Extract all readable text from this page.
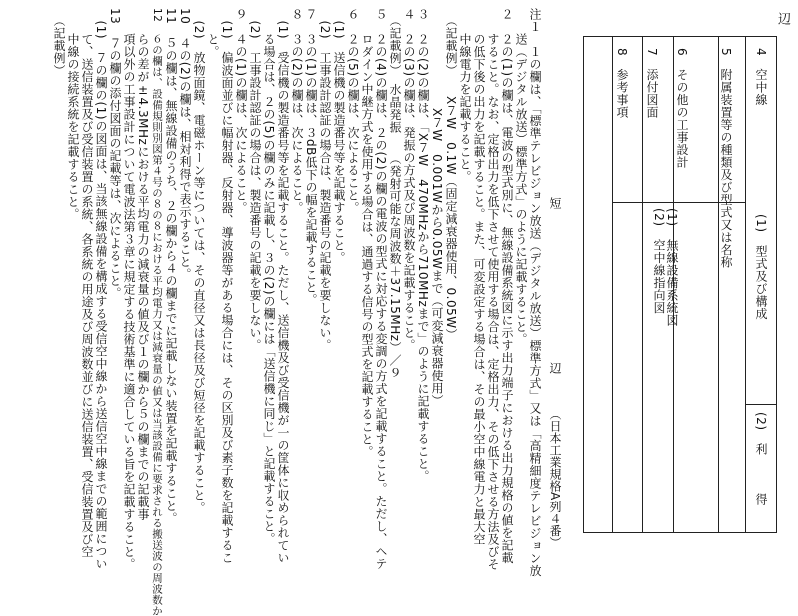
辺
4　空中線
5　附属装置等の種類及び型式又は名称
6　その他の工事設計
7　添付図面
8　参考事項
(1)　型式及び構成
(2)　利　　　得
(1)　無線設備系統図
(2)　空中線指向図
短
辺
（日本工業規格A列４番）
注１　１の欄は、「標準テレビジョン放送（デジタル放送）標準方式」又は「高精細度テレビジョン放
　　送（デジタル放送）標準方式」のように記載すること。
２　２の(1)の欄は、電波の型式別に、無線設備系統図に示す出力端子における出力規格の値を記載
　　すること。なお、定格出力を低下させて使用する場合は、定格出力、その低下させる方法及びそ
　　の低下後の出力を記載すること。また、可変設定する場合は、その最小空中線電力と最大空
　　中線電力を記載すること。
　（記載例）　　X７W　0.1W（固定減衰器使用、0.05W）
　　　　　　　　X７W　0.001Wから0.05Wまで（可変減衰器使用）
３　２の(2)の欄は、「X７W　470MHzから710MHzまで」のように記載すること。
４　２の(3)の欄は、発振の方式及び周波数を記載すること。
　（記載例）　水晶発振　　（発射可能な周波数＋37.15MHz）／９
５　２の(4)の欄は、２の(2)の欄の電波の型式に対応する変調の方式を記載すること。ただし、ヘテ
　　ロダイン中継方式を使用する場合は、通過する信号の型式を記載すること。
６　２の(5)の欄は、次によること。
　(1)　送信機の製造番号等を記載すること。
　(2)　工事設計認証の場合は、製造番号の記載を要しない。
７　３の(1)の欄は、３dB低下の幅を記載すること。
８　３の(2)の欄は、次によること。
　(1)　受信機の製造番号等を記載すること。ただし、送信機及び受信機が一の筐体に収められてい
　　る場合は、２の(5)の欄のみに記載し、３の(2)の欄には「送信機に同じ」と記載すること。
　(2)　工事設計認証の場合は、製造番号の記載を要しない。
９　４の(1)の欄は、次によること。
　(1)　偏波面並びに幅射器、反射器、導波器等がある場合には、その区別及び素子数を記載するこ
　　と。
　(2)　放物面鏡、電磁ホーン等については、その直径又は長径及び短径を記載すること。
10　４の(2)の欄は、相対利得で表示すること。
11　５の欄は、無線設備のうち、２の欄から４の欄までに記載しない装置を記載すること。
12　６の欄は、設備規則別図第４号の８の８における平均電力又は減衰量の値又は当該設備に要求される搬送波の周波数か
　　らの差が±4.3MHzにおける平均電力の減衰量の値及び１の欄から５の欄までの記載事
　　項以外の工事設計について電波法第３章に規定する技術基準に適合している旨を記載すること。
13　７の欄の添付図面の記載等は、次によること。
　(1)　７の欄の(1)の図面は、当該無線設備を構成する受信空中線から送信空中線までの範囲につい
　　て、送信装置及び受信装置の系統、各系統の用途及び周波数並びに送信装置、受信装置及び空
　　中線の接続系統を記載すること。
　（記載例）
